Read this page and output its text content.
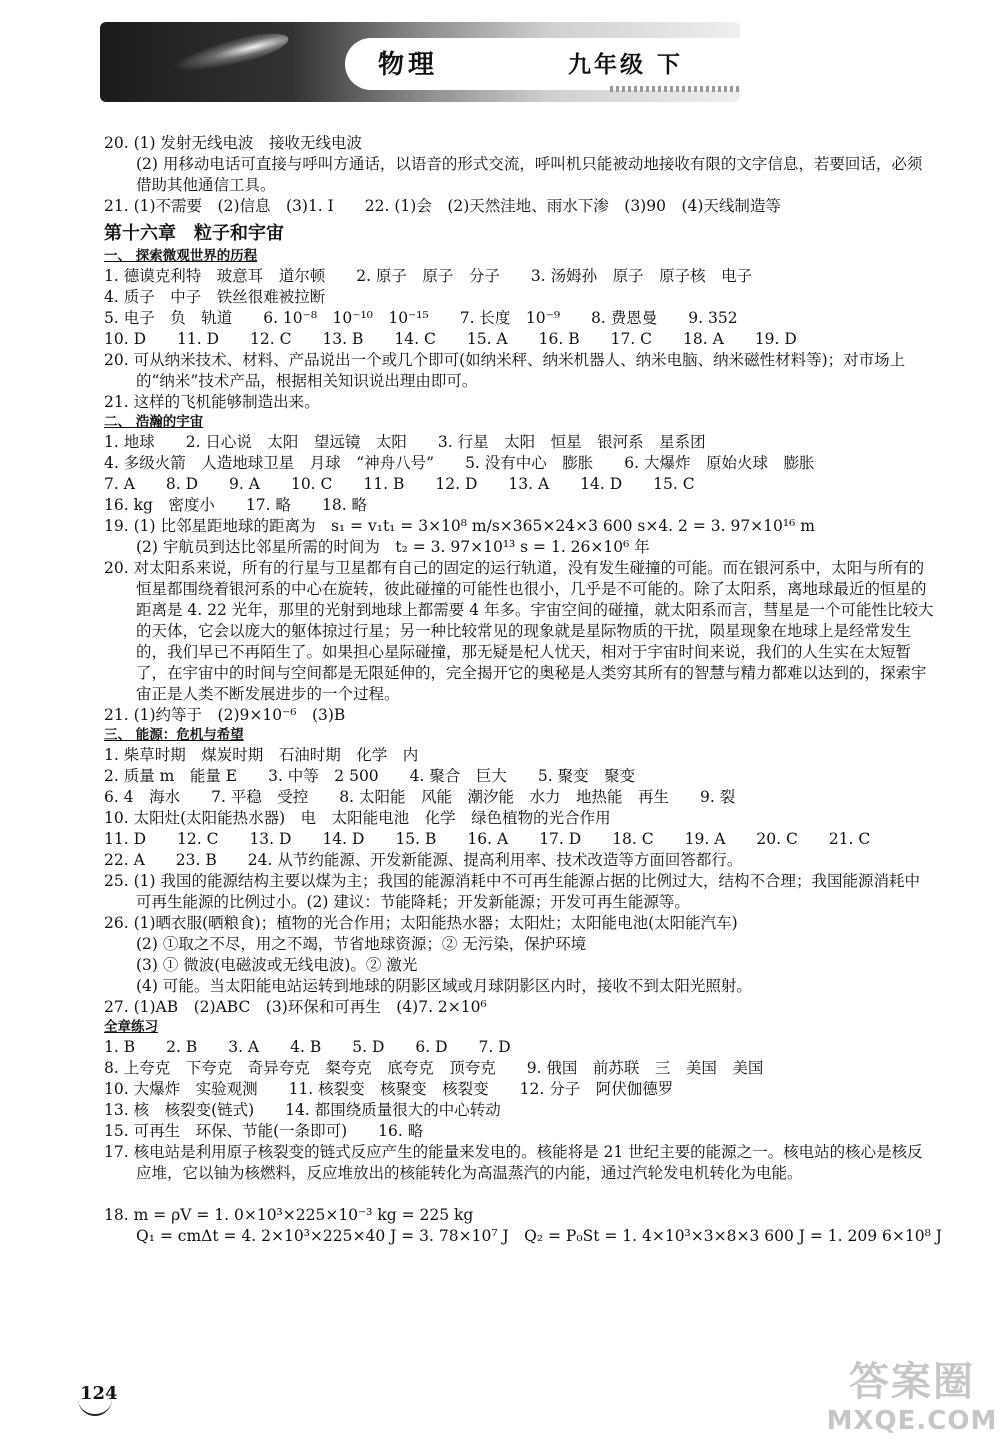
物理	九年级 下
20. (1) 发射无线电波　接收无线电波
(2) 用移动电话可直接与呼叫方通话，以语音的形式交流，呼叫机只能被动地接收有限的文字信息，若要回话，必须借助其他通信工具。
21. (1)不需要　(2)信息　(3)1. I　　22. (1)会　(2)天然洼地、雨水下渗　(3)90　(4)天线制造等
第十六章　粒子和宇宙
一、 探索微观世界的历程
1. 德谟克利特　玻意耳　道尔顿　　2. 原子　原子　分子　　3. 汤姆孙　原子　原子核　电子
4. 质子　中子　铁丝很难被拉断
5. 电子　负　轨道　　6. 10⁻⁸　10⁻¹⁰　10⁻¹⁵　　7. 长度　10⁻⁹　　8. 费恩曼　　9. 352
10. D　　11. D　　12. C　　13. B　　14. C　　15. A　　16. B　　17. C　　18. A　　19. D
20. 可从纳米技术、材料、产品说出一个或几个即可(如纳米秤、纳米机器人、纳米电脑、纳米磁性材料等)；对市场上的“纳米”技术产品，根据相关知识说出理由即可。
21. 这样的飞机能够制造出来。
二、 浩瀚的宇宙
1. 地球　　2. 日心说　太阳　望远镜　太阳　　3. 行星　太阳　恒星　银河系　星系团
4. 多级火箭　人造地球卫星　月球　“神舟八号”　　5. 没有中心　膨胀　　6. 大爆炸　原始火球　膨胀
7. A　　8. D　　9. A　　10. C　　11. B　　12. D　　13. A　　14. D　　15. C
16. kg　密度小　　17. 略　　18. 略
19. (1) 比邻星距地球的距离为　s₁ = v₁t₁ = 3×10⁸ m/s×365×24×3 600 s×4. 2 = 3. 97×10¹⁶ m
(2) 宇航员到达比邻星所需的时间为　t₂ = 3. 97×10¹³ s = 1. 26×10⁶ 年
20. 对太阳系来说，所有的行星与卫星都有自己的固定的运行轨道，没有发生碰撞的可能。而在银河系中，太阳与所有的恒星都围绕着银河系的中心在旋转，彼此碰撞的可能性也很小，几乎是不可能的。除了太阳系，离地球最近的恒星的距离是 4. 22 光年，那里的光射到地球上都需要 4 年多。宇宙空间的碰撞，就太阳系而言，彗星是一个可能性比较大的天体，它会以庞大的躯体掠过行星；另一种比较常见的现象就是星际物质的干扰，陨星现象在地球上是经常发生的，我们早已不再陌生了。如果担心星际碰撞，那无疑是杞人忧天，相对于宇宙时间来说，我们的人生实在太短暂了，在宇宙中的时间与空间都是无限延伸的，完全揭开它的奥秘是人类穷其所有的智慧与精力都难以达到的，探索宇宙正是人类不断发展进步的一个过程。
21. (1)约等于　(2)9×10⁻⁶　(3)B
三、 能源：危机与希望
1. 柴草时期　煤炭时期　石油时期　化学　内
2. 质量 m　能量 E　　3. 中等　2 500　　4. 聚合　巨大　　5. 聚变　聚变
6. 4　海水　　7. 平稳　受控　　8. 太阳能　风能　潮汐能　水力　地热能　再生　　9. 裂
10. 太阳灶(太阳能热水器)　电　太阳能电池　化学　绿色植物的光合作用
11. D　　12. C　　13. D　　14. D　　15. B　　16. A　　17. D　　18. C　　19. A　　20. C　　21. C
22. A　　23. B　　24. 从节约能源、开发新能源、提高利用率、技术改造等方面回答都行。
25. (1) 我国的能源结构主要以煤为主；我国的能源消耗中不可再生能源占据的比例过大，结构不合理；我国能源消耗中可再生能源的比例过小。(2) 建议：节能降耗；开发新能源；开发可再生能源等。
26. (1)晒衣服(晒粮食)；植物的光合作用；太阳能热水器；太阳灶；太阳能电池(太阳能汽车)
(2) ①取之不尽，用之不竭，节省地球资源；② 无污染，保护环境
(3) ① 微波(电磁波或无线电波)。② 激光
(4) 可能。当太阳能电站运转到地球的阴影区域或月球阴影区内时，接收不到太阳光照射。
27. (1)AB　(2)ABC　(3)环保和可再生　(4)7. 2×10⁶
全章练习
1. B　　2. B　　3. A　　4. B　　5. D　　6. D　　7. D
8. 上夸克　下夸克　奇异夸克　粲夸克　底夸克　顶夸克　　9. 俄国　前苏联　三　美国　美国
10. 大爆炸　实验观测　　11. 核裂变　核聚变　核裂变　　12. 分子　阿伏伽德罗
13. 核　核裂变(链式)　　14. 都围绕质量很大的中心转动
15. 可再生　环保、节能(一条即可)　　16. 略
17. 核电站是利用原子核裂变的链式反应产生的能量来发电的。核能将是 21 世纪主要的能源之一。核电站的核心是核反应堆，它以铀为核燃料，反应堆放出的核能转化为高温蒸汽的内能，通过汽轮发电机转化为电能。
18. m = ρV = 1. 0×10³×225×10⁻³ kg = 225 kg
Q₁ = cmΔt = 4. 2×10³×225×40 J = 3. 78×10⁷ J　Q₂ = P₀St = 1. 4×10³×3×8×3 600 J = 1. 209 6×10⁸ J
124	答案圈
MXQE.COM
